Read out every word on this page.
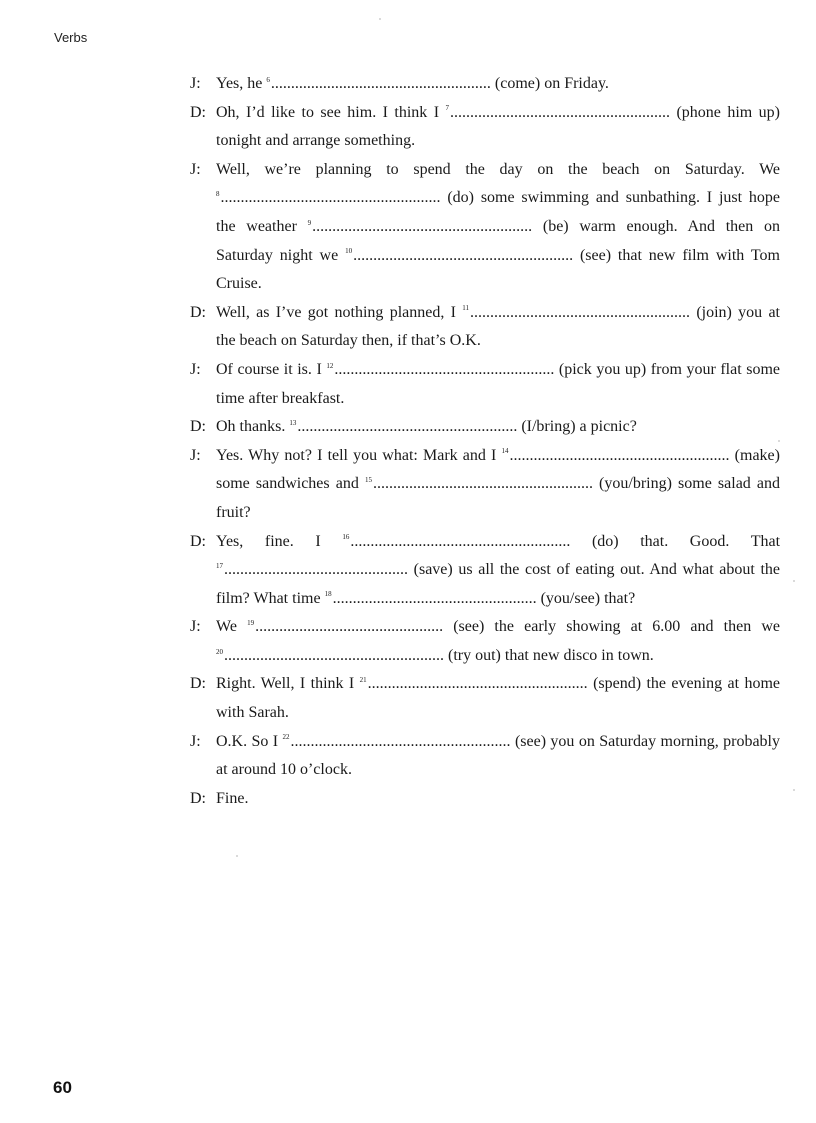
Verbs
J: Yes, he $^6$....................................................... (come) on Friday.
D: Oh, I’d like to see him. I think I $^7$....................................................... (phone him up) tonight and arrange something.
J: Well, we’re planning to spend the day on the beach on Saturday. We $^8$....................................................... (do) some swimming and sunbathing. I just hope the weather $^9$....................................................... (be) warm enough. And then on Saturday night we $^{10}$....................................................... (see) that new film with Tom Cruise.
D: Well, as I’ve got nothing planned, I $^{11}$....................................................... (join) you at the beach on Saturday then, if that’s O.K.
J: Of course it is. I $^{12}$....................................................... (pick you up) from your flat some time after breakfast.
D: Oh thanks. $^{13}$....................................................... (I/bring) a picnic?
J: Yes. Why not? I tell you what: Mark and I $^{14}$....................................................... (make) some sandwiches and $^{15}$....................................................... (you/bring) some salad and fruit?
D: Yes, fine. I $^{16}$....................................................... (do) that. Good. That $^{17}$.............................................. (save) us all the cost of eating out. And what about the film? What time $^{18}$................................................... (you/see) that?
J: We $^{19}$............................................... (see) the early showing at 6.00 and then we $^{20}$....................................................... (try out) that new disco in town.
D: Right. Well, I think I $^{21}$....................................................... (spend) the evening at home with Sarah.
J: O.K. So I $^{22}$....................................................... (see) you on Saturday morning, probably at around 10 o’clock.
D: Fine.
60
